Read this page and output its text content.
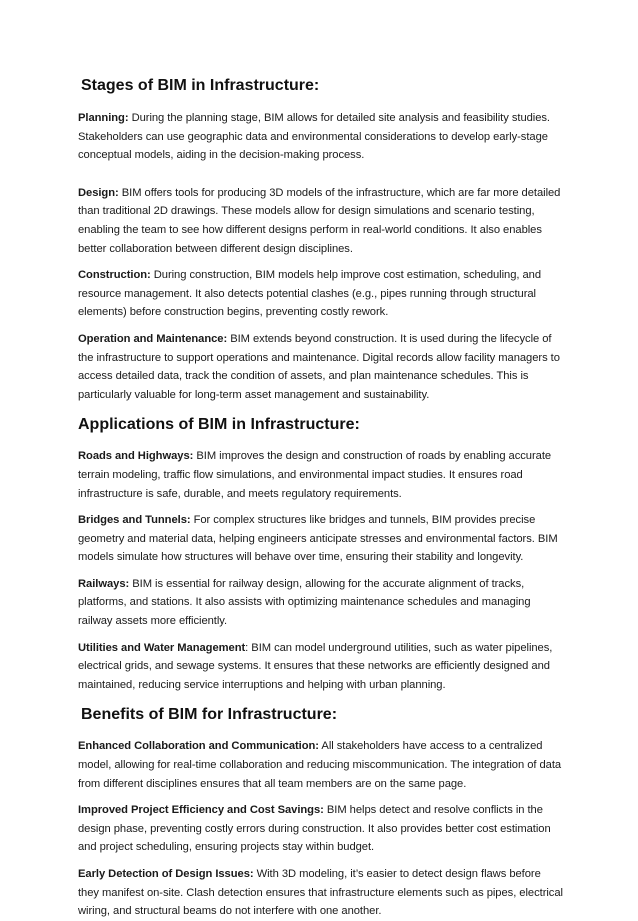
Stages of BIM in Infrastructure:

Planning: During the planning stage, BIM allows for detailed site analysis and feasibility studies. Stakeholders can use geographic data and environmental considerations to develop early-stage conceptual models, aiding in the decision-making process.

Design: BIM offers tools for producing 3D models of the infrastructure, which are far more detailed than traditional 2D drawings. These models allow for design simulations and scenario testing, enabling the team to see how different designs perform in real-world conditions. It also enables better collaboration between different design disciplines.

Construction: During construction, BIM models help improve cost estimation, scheduling, and resource management. It also detects potential clashes (e.g., pipes running through structural elements) before construction begins, preventing costly rework.

Operation and Maintenance: BIM extends beyond construction. It is used during the lifecycle of the infrastructure to support operations and maintenance. Digital records allow facility managers to access detailed data, track the condition of assets, and plan maintenance schedules. This is particularly valuable for long-term asset management and sustainability.

Applications of BIM in Infrastructure:

Roads and Highways: BIM improves the design and construction of roads by enabling accurate terrain modeling, traffic flow simulations, and environmental impact studies. It ensures road infrastructure is safe, durable, and meets regulatory requirements.

Bridges and Tunnels: For complex structures like bridges and tunnels, BIM provides precise geometry and material data, helping engineers anticipate stresses and environmental factors. BIM models simulate how structures will behave over time, ensuring their stability and longevity.

Railways: BIM is essential for railway design, allowing for the accurate alignment of tracks, platforms, and stations. It also assists with optimizing maintenance schedules and managing railway assets more efficiently.

Utilities and Water Management: BIM can model underground utilities, such as water pipelines, electrical grids, and sewage systems. It ensures that these networks are efficiently designed and maintained, reducing service interruptions and helping with urban planning.

Benefits of BIM for Infrastructure:

Enhanced Collaboration and Communication: All stakeholders have access to a centralized model, allowing for real-time collaboration and reducing miscommunication. The integration of data from different disciplines ensures that all team members are on the same page.

Improved Project Efficiency and Cost Savings: BIM helps detect and resolve conflicts in the design phase, preventing costly errors during construction. It also provides better cost estimation and project scheduling, ensuring projects stay within budget.

Early Detection of Design Issues: With 3D modeling, it’s easier to detect design flaws before they manifest on-site. Clash detection ensures that infrastructure elements such as pipes, electrical wiring, and structural beams do not interfere with one another.
